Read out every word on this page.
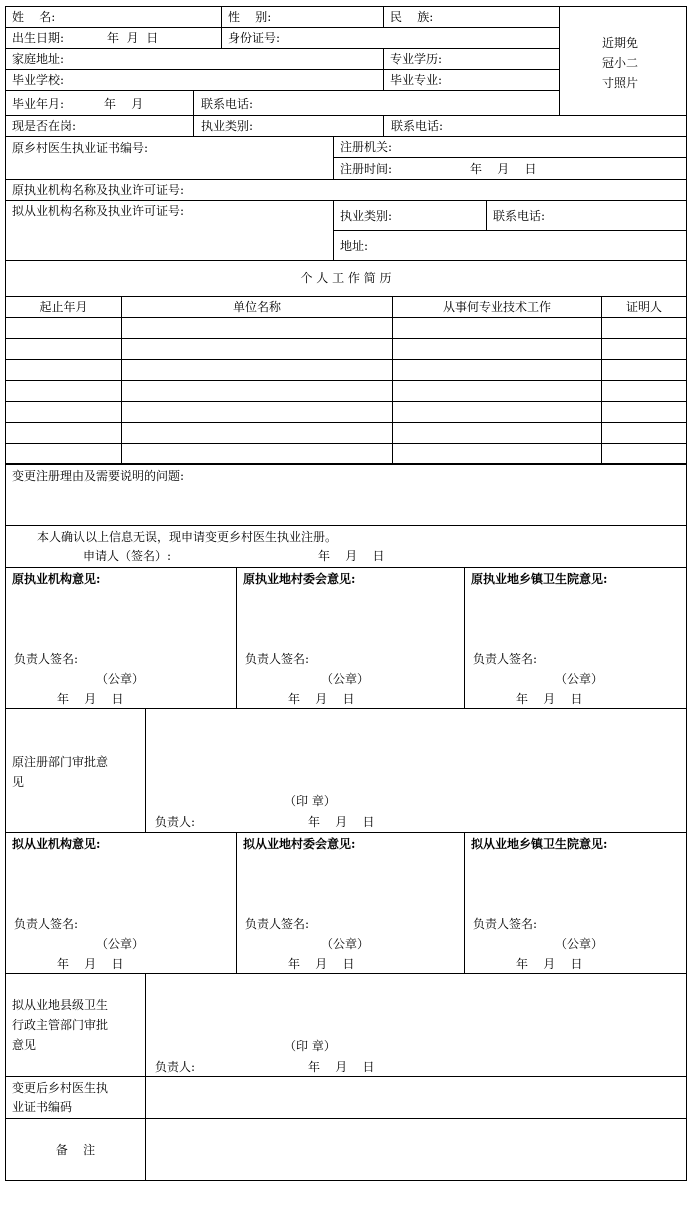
姓    名:	性    别:	民    族:
近期免
冠小二
寸照片
出生日期:	年  月  日	身份证号:
家庭地址:	专业学历:
毕业学校:	毕业专业:
毕业年月:	年    月	联系电话:
现是否在岗:	执业类别:	联系电话:
原乡村医生执业证书编号:	注册机关:
注册时间:	年    月    日
原执业机构名称及执业许可证号:
拟从业机构名称及执业许可证号:	执业类别:	联系电话:
地址:
个 人 工 作 简 历
起止年月	单位名称	从事何专业技术工作	证明人
变更注册理由及需要说明的问题:
本人确认以上信息无误，现申请变更乡村医生执业注册。
申请人（签名）:	年    月    日
原执业机构意见:
负责人签名:
（公章）
年    月    日
原执业地村委会意见:
负责人签名:
（公章）
年    月    日
原执业地乡镇卫生院意见:
负责人签名:
（公章）
年    月    日
原注册部门审批意
见
（印 章）
负责人:	年    月    日
拟从业机构意见:
负责人签名:
（公章）
年    月    日
拟从业地村委会意见:
负责人签名:
（公章）
年    月    日
拟从业地乡镇卫生院意见:
负责人签名:
（公章）
年    月    日
拟从业地县级卫生
行政主管部门审批
意见	（印 章）
负责人:	年    月    日
变更后乡村医生执
业证书编码
备    注
